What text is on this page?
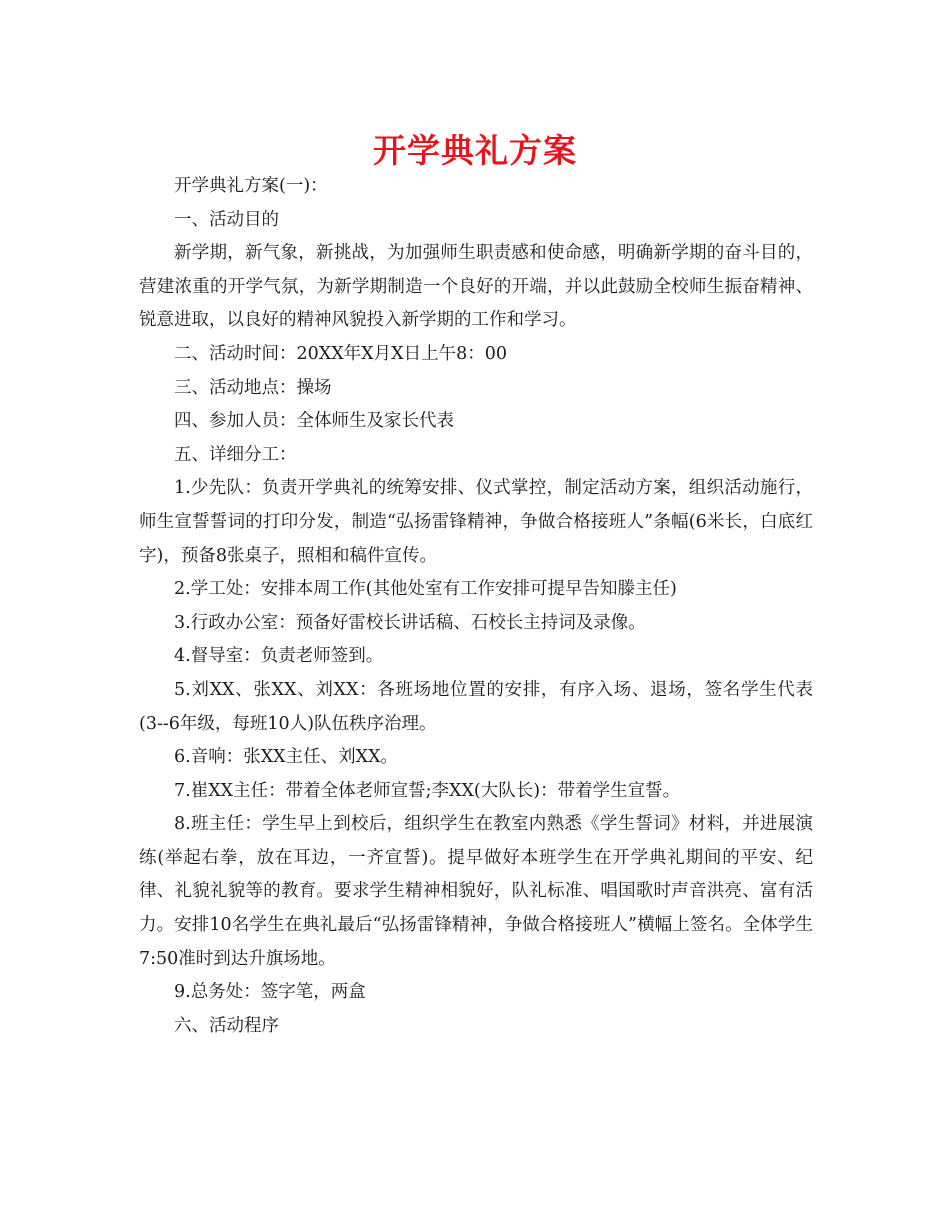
开学典礼方案

开学典礼方案(一)：

一、活动目的

新学期，新气象，新挑战，为加强师生职责感和使命感，明确新学期的奋斗目的，营建浓重的开学气氛，为新学期制造一个良好的开端，并以此鼓励全校师生振奋精神、锐意进取，以良好的精神风貌投入新学期的工作和学习。

二、活动时间：20XX年X月X日上午8：00

三、活动地点：操场

四、参加人员：全体师生及家长代表

五、详细分工：

1.少先队：负责开学典礼的统筹安排、仪式掌控，制定活动方案，组织活动施行，师生宣誓誓词的打印分发，制造“弘扬雷锋精神，争做合格接班人”条幅(6米长，白底红字)，预备8张桌子，照相和稿件宣传。

2.学工处：安排本周工作(其他处室有工作安排可提早告知滕主任)

3.行政办公室：预备好雷校长讲话稿、石校长主持词及录像。

4.督导室：负责老师签到。

5.刘XX、张XX、刘XX：各班场地位置的安排，有序入场、退场，签名学生代表(3--6年级，每班10人)队伍秩序治理。

6.音响：张XX主任、刘XX。

7.崔XX主任：带着全体老师宣誓;李XX(大队长)：带着学生宣誓。

8.班主任：学生早上到校后，组织学生在教室内熟悉《学生誓词》材料，并进展演练(举起右拳，放在耳边，一齐宣誓)。提早做好本班学生在开学典礼期间的平安、纪律、礼貌礼貌等的教育。要求学生精神相貌好，队礼标准、唱国歌时声音洪亮、富有活力。安排10名学生在典礼最后“弘扬雷锋精神，争做合格接班人”横幅上签名。全体学生7:50准时到达升旗场地。

9.总务处：签字笔，两盒

六、活动程序
